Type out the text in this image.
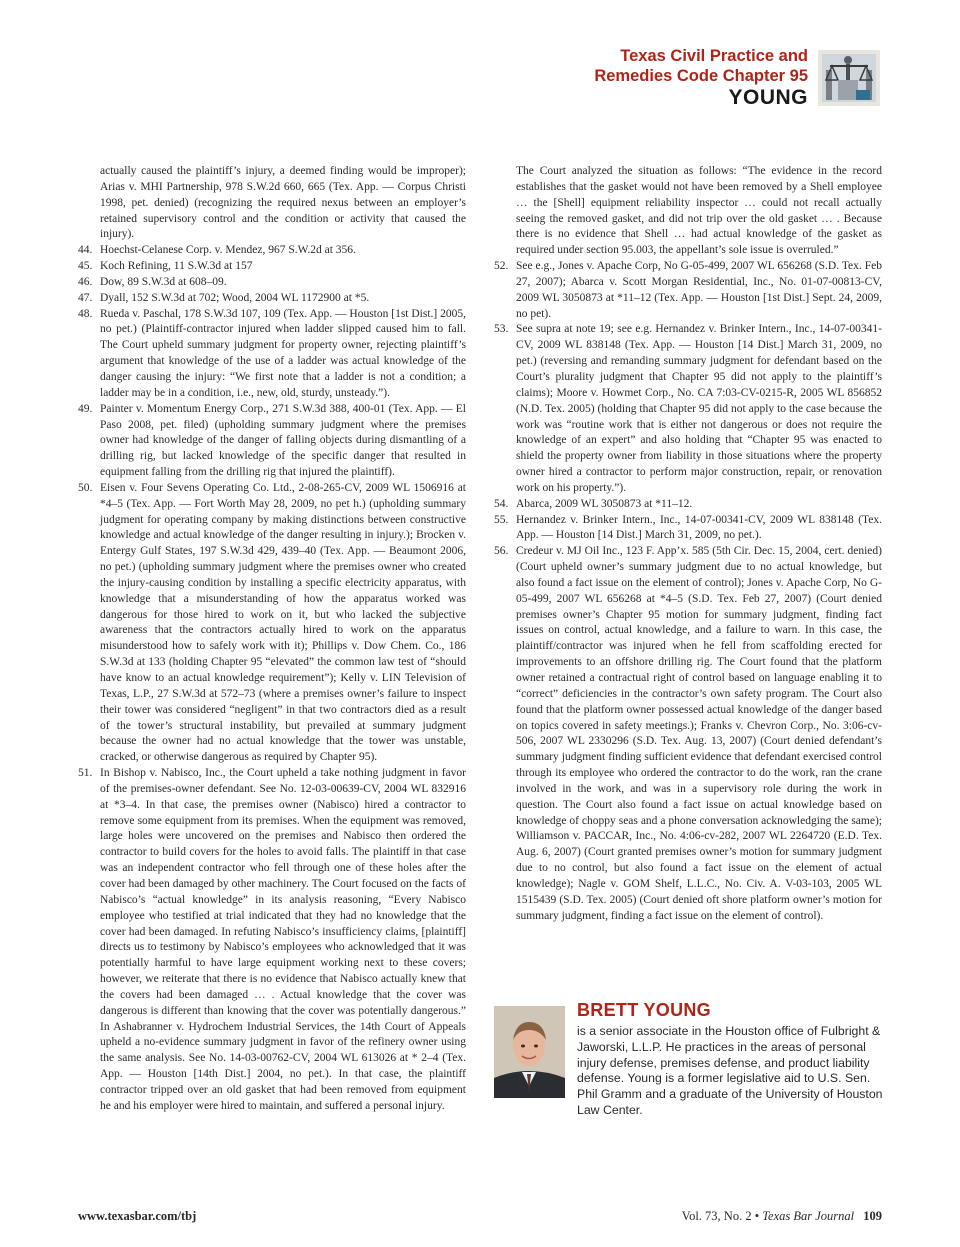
Texas Civil Practice and
Remedies Code Chapter 95
YOUNG

actually caused the plaintiff’s injury, a deemed finding would be improper); Arias v. MHI Partnership, 978 S.W.2d 660, 665 (Tex. App. — Corpus Christi 1998, pet. denied) (recognizing the required nexus between an employer’s retained supervisory control and the condition or activity that caused the injury).

44. Hoechst-Celanese Corp. v. Mendez, 967 S.W.2d at 356.
45. Koch Refining, 11 S.W.3d at 157
46. Dow, 89 S.W.3d at 608–09.
47. Dyall, 152 S.W.3d at 702; Wood, 2004 WL 1172900 at *5.
48. Rueda v. Paschal, 178 S.W.3d 107, 109 (Tex. App. — Houston [1st Dist.] 2005, no pet.) (Plaintiff-contractor injured when ladder slipped caused him to fall. The Court upheld summary judgment for property owner, rejecting plaintiff’s argument that knowledge of the use of a ladder was actual knowledge of the danger causing the injury: “We first note that a ladder is not a condition; a ladder may be in a condition, i.e., new, old, sturdy, unsteady.”).
49. Painter v. Momentum Energy Corp., 271 S.W.3d 388, 400-01 (Tex. App. — El Paso 2008, pet. filed) (upholding summary judgment where the premises owner had knowledge of the danger of falling objects during dismantling of a drilling rig, but lacked knowledge of the specific danger that resulted in equipment falling from the drilling rig that injured the plaintiff).
50. Eisen v. Four Sevens Operating Co. Ltd., 2-08-265-CV, 2009 WL 1506916 at *4–5 (Tex. App. — Fort Worth May 28, 2009, no pet h.) (upholding summary judgment for operating company by making distinctions between constructive knowledge and actual knowledge of the danger resulting in injury.); Brocken v. Entergy Gulf States, 197 S.W.3d 429, 439–40 (Tex. App. — Beaumont 2006, no pet.) (upholding summary judgment where the premises owner who created the injury-causing condition by installing a specific electricity apparatus, with knowledge that a misunderstanding of how the apparatus worked was dangerous for those hired to work on it, but who lacked the subjective awareness that the contractors actually hired to work on the apparatus misunderstood how to safely work with it); Phillips v. Dow Chem. Co., 186 S.W.3d at 133 (holding Chapter 95 “elevated” the common law test of “should have know to an actual knowledge requirement”); Kelly v. LIN Television of Texas, L.P., 27 S.W.3d at 572–73 (where a premises owner’s failure to inspect their tower was considered “negligent” in that two contractors died as a result of the tower’s structural instability, but prevailed at summary judgment because the owner had no actual knowledge that the tower was unstable, cracked, or otherwise dangerous as required by Chapter 95).
51. In Bishop v. Nabisco, Inc., the Court upheld a take nothing judgment in favor of the premises-owner defendant. See No. 12-03-00639-CV, 2004 WL 832916 at *3–4. In that case, the premises owner (Nabisco) hired a contractor to remove some equipment from its premises. When the equipment was removed, large holes were uncovered on the premises and Nabisco then ordered the contractor to build covers for the holes to avoid falls. The plaintiff in that case was an independent contractor who fell through one of these holes after the cover had been damaged by other machinery. The Court focused on the facts of Nabisco’s “actual knowledge” in its analysis reasoning, “Every Nabisco employee who testified at trial indicated that they had no knowledge that the cover had been damaged. In refuting Nabisco’s insufficiency claims, [plaintiff] directs us to testimony by Nabisco’s employees who acknowledged that it was potentially harmful to have large equipment working next to these covers; however, we reiterate that there is no evidence that Nabisco actually knew that the covers had been damaged … . Actual knowledge that the cover was dangerous is different than knowing that the cover was potentially dangerous.” In Ashabranner v. Hydrochem Industrial Services, the 14th Court of Appeals upheld a no-evidence summary judgment in favor of the refinery owner using the same analysis. See No. 14-03-00762-CV, 2004 WL 613026 at * 2–4 (Tex. App. — Houston [14th Dist.] 2004, no pet.). In that case, the plaintiff contractor tripped over an old gasket that had been removed from equipment he and his employer were hired to maintain, and suffered a personal injury.

The Court analyzed the situation as follows: “The evidence in the record establishes that the gasket would not have been removed by a Shell employee … the [Shell] equipment reliability inspector … could not recall actually seeing the removed gasket, and did not trip over the old gasket … . Because there is no evidence that Shell … had actual knowledge of the gasket as required under section 95.003, the appellant’s sole issue is overruled.”

52. See e.g., Jones v. Apache Corp, No G-05-499, 2007 WL 656268 (S.D. Tex. Feb 27, 2007); Abarca v. Scott Morgan Residential, Inc., No. 01-07-00813-CV, 2009 WL 3050873 at *11–12 (Tex. App. — Houston [1st Dist.] Sept. 24, 2009, no pet).
53. See supra at note 19; see e.g. Hernandez v. Brinker Intern., Inc., 14-07-00341-CV, 2009 WL 838148 (Tex. App. — Houston [14 Dist.] March 31, 2009, no pet.) (reversing and remanding summary judgment for defendant based on the Court’s plurality judgment that Chapter 95 did not apply to the plaintiff’s claims); Moore v. Howmet Corp., No. CA 7:03-CV-0215-R, 2005 WL 856852 (N.D. Tex. 2005) (holding that Chapter 95 did not apply to the case because the work was “routine work that is either not dangerous or does not require the knowledge of an expert” and also holding that “Chapter 95 was enacted to shield the property owner from liability in those situations where the property owner hired a contractor to perform major construction, repair, or renovation work on his property.”).
54. Abarca, 2009 WL 3050873 at *11–12.
55. Hernandez v. Brinker Intern., Inc., 14-07-00341-CV, 2009 WL 838148 (Tex. App. — Houston [14 Dist.] March 31, 2009, no pet.).
56. Credeur v. MJ Oil Inc., 123 F. App’x. 585 (5th Cir. Dec. 15, 2004, cert. denied) (Court upheld owner’s summary judgment due to no actual knowledge, but also found a fact issue on the element of control); Jones v. Apache Corp, No G-05-499, 2007 WL 656268 at *4–5 (S.D. Tex. Feb 27, 2007) (Court denied premises owner’s Chapter 95 motion for summary judgment, finding fact issues on control, actual knowledge, and a failure to warn. In this case, the plaintiff/contractor was injured when he fell from scaffolding erected for improvements to an offshore drilling rig. The Court found that the platform owner retained a contractual right of control based on language enabling it to “correct” deficiencies in the contractor’s own safety program. The Court also found that the platform owner possessed actual knowledge of the danger based on topics covered in safety meetings.); Franks v. Chevron Corp., No. 3:06-cv-506, 2007 WL 2330296 (S.D. Tex. Aug. 13, 2007) (Court denied defendant’s summary judgment finding sufficient evidence that defendant exercised control through its employee who ordered the contractor to do the work, ran the crane involved in the work, and was in a supervisory role during the work in question. The Court also found a fact issue on actual knowledge based on knowledge of choppy seas and a phone conversation acknowledging the same); Williamson v. PACCAR, Inc., No. 4:06-cv-282, 2007 WL 2264720 (E.D. Tex. Aug. 6, 2007) (Court granted premises owner’s motion for summary judgment due to no control, but also found a fact issue on the element of actual knowledge); Nagle v. GOM Shelf, L.L.C., No. Civ. A. V-03-103, 2005 WL 1515439 (S.D. Tex. 2005) (Court denied oft shore platform owner’s motion for summary judgment, finding a fact issue on the element of control).
BRETT YOUNG
is a senior associate in the Houston office of Fulbright & Jaworski, L.L.P. He practices in the areas of personal injury defense, premises defense, and product liability defense. Young is a former legislative aid to U.S. Sen. Phil Gramm and a graduate of the University of Houston Law Center.
www.texasbar.com/tbj	Vol. 73, No. 2 • Texas Bar Journal 109
